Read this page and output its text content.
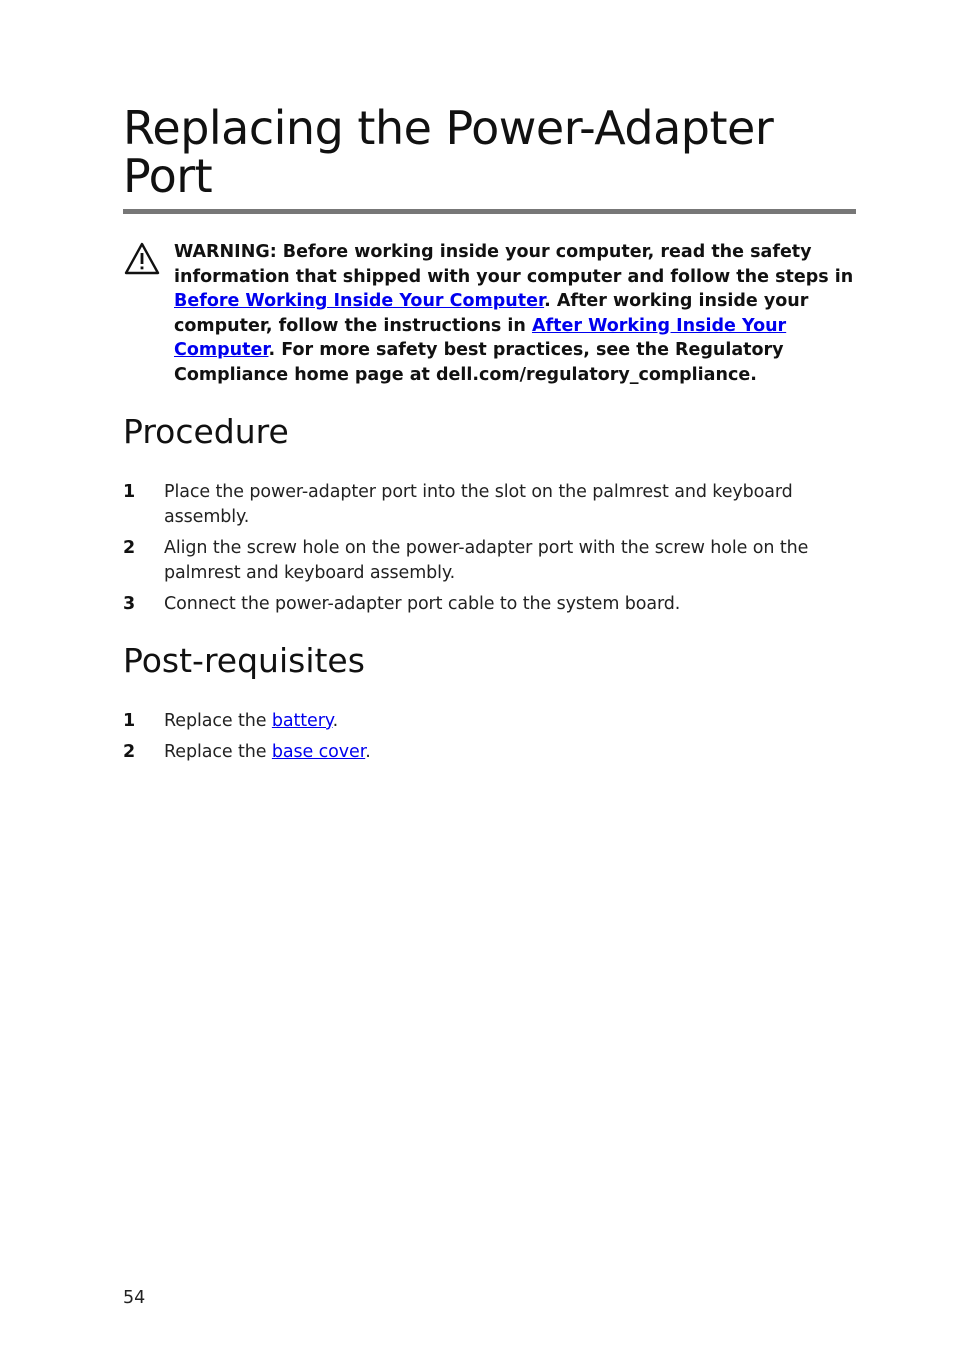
Replacing the Power-Adapter Port

WARNING: Before working inside your computer, read the safety information that shipped with your computer and follow the steps in Before Working Inside Your Computer. After working inside your computer, follow the instructions in After Working Inside Your Computer. For more safety best practices, see the Regulatory Compliance home page at dell.com/regulatory_compliance.

Procedure
1 Place the power-adapter port into the slot on the palmrest and keyboard assembly.
2 Align the screw hole on the power-adapter port with the screw hole on the palmrest and keyboard assembly.
3 Connect the power-adapter port cable to the system board.
Post-requisites
1 Replace the battery.
2 Replace the base cover.
54
